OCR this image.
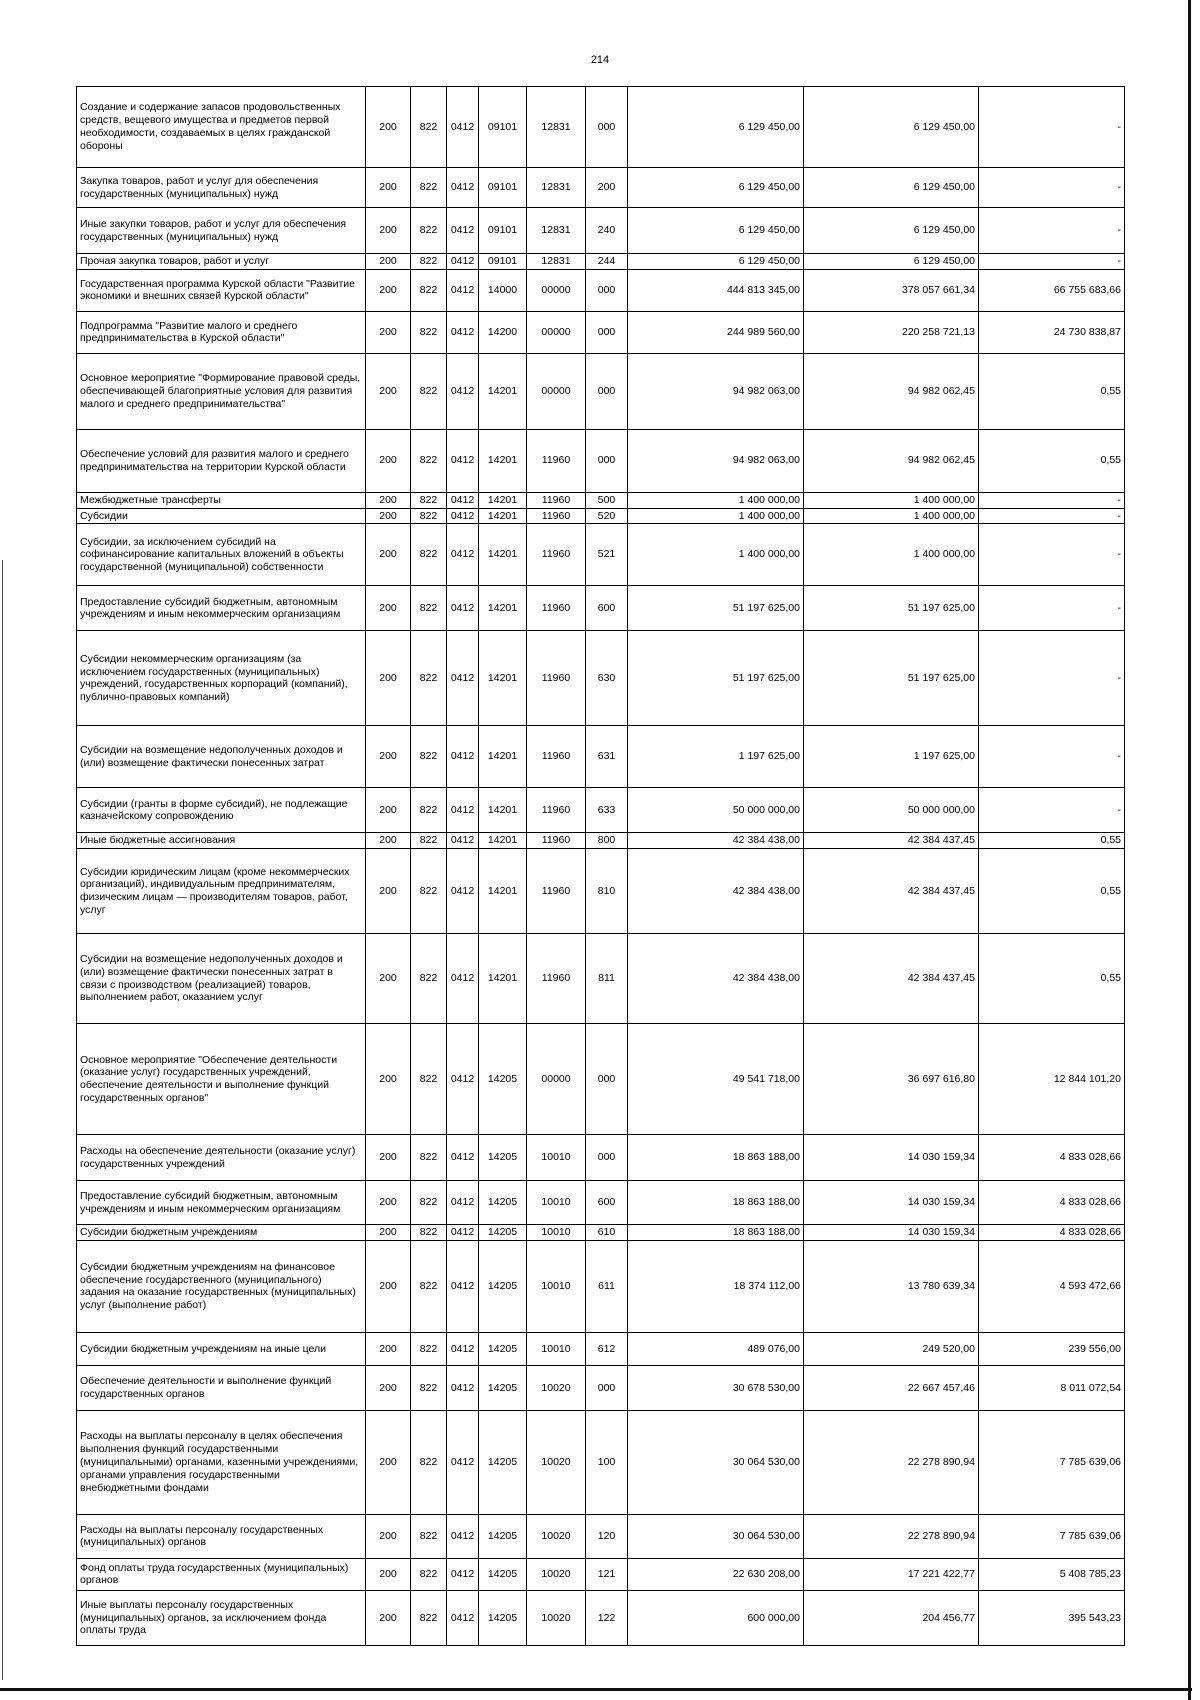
214
Создание и содержание запасов продовольственных средств, вещевого имущества и предметов первой необходимости, создаваемых в целях гражданской обороны	200	822	0412	09101	12831	000	6 129 450,00	6 129 450,00	-
Закупка товаров, работ и услуг для обеспечения государственных (муниципальных) нужд	200	822	0412	09101	12831	200	6 129 450,00	6 129 450,00	-
Иные закупки товаров, работ и услуг для обеспечения государственных (муниципальных) нужд	200	822	0412	09101	12831	240	6 129 450,00	6 129 450,00	-
Прочая закупка товаров, работ и услуг	200	822	0412	09101	12831	244	6 129 450,00	6 129 450,00	-
Государственная программа Курской области "Развитие экономики и внешних связей Курской области"	200	822	0412	14000	00000	000	444 813 345,00	378 057 661,34	66 755 683,66
Подпрограмма "Развитие малого и среднего предпринимательства в Курской области"	200	822	0412	14200	00000	000	244 989 560,00	220 258 721,13	24 730 838,87
Основное мероприятие "Формирование правовой среды, обеспечивающей благоприятные условия для развития малого и среднего предпринимательства"	200	822	0412	14201	00000	000	94 982 063,00	94 982 062,45	0,55
Обеспечение условий для развития малого и среднего предпринимательства на территории Курской области	200	822	0412	14201	11960	000	94 982 063,00	94 982 062,45	0,55
Межбюджетные трансферты	200	822	0412	14201	11960	500	1 400 000,00	1 400 000,00	-
Субсидии	200	822	0412	14201	11960	520	1 400 000,00	1 400 000,00	-
Субсидии, за исключением субсидий на софинансирование капитальных вложений в объекты государственной (муниципальной) собственности	200	822	0412	14201	11960	521	1 400 000,00	1 400 000,00	-
Предоставление субсидий бюджетным, автономным учреждениям и иным некоммерческим организациям	200	822	0412	14201	11960	600	51 197 625,00	51 197 625,00	-
Субсидии некоммерческим организациям (за исключением государственных (муниципальных) учреждений, государственных корпораций (компаний), публично-правовых компаний)	200	822	0412	14201	11960	630	51 197 625,00	51 197 625,00	-
Субсидии на возмещение недополученных доходов и (или) возмещение фактически понесенных затрат	200	822	0412	14201	11960	631	1 197 625,00	1 197 625,00	-
Субсидии (гранты в форме субсидий), не подлежащие казначейскому сопровождению	200	822	0412	14201	11960	633	50 000 000,00	50 000 000,00	-
Иные бюджетные ассигнования	200	822	0412	14201	11960	800	42 384 438,00	42 384 437,45	0,55
Субсидии юридическим лицам (кроме некоммерческих организаций), индивидуальным предпринимателям, физическим лицам — производителям товаров, работ, услуг	200	822	0412	14201	11960	810	42 384 438,00	42 384 437,45	0,55
Субсидии на возмещение недополученных доходов и (или) возмещение фактически понесенных затрат в связи с производством (реализацией) товаров, выполнением работ, оказанием услуг	200	822	0412	14201	11960	811	42 384 438,00	42 384 437,45	0,55
Основное мероприятие "Обеспечение деятельности (оказание услуг) государственных учреждений, обеспечение деятельности и выполнение функций государственных органов"	200	822	0412	14205	00000	000	49 541 718,00	36 697 616,80	12 844 101,20
Расходы на обеспечение деятельности (оказание услуг) государственных учреждений	200	822	0412	14205	10010	000	18 863 188,00	14 030 159,34	4 833 028,66
Предоставление субсидий бюджетным, автономным учреждениям и иным некоммерческим организациям	200	822	0412	14205	10010	600	18 863 188,00	14 030 159,34	4 833 028,66
Субсидии бюджетным учреждениям	200	822	0412	14205	10010	610	18 863 188,00	14 030 159,34	4 833 028,66
Субсидии бюджетным учреждениям на финансовое обеспечение государственного (муниципального) задания на оказание государственных (муниципальных) услуг (выполнение работ)	200	822	0412	14205	10010	611	18 374 112,00	13 780 639,34	4 593 472,66
Субсидии бюджетным учреждениям на иные цели	200	822	0412	14205	10010	612	489 076,00	249 520,00	239 556,00
Обеспечение деятельности и выполнение функций государственных органов	200	822	0412	14205	10020	000	30 678 530,00	22 667 457,46	8 011 072,54
Расходы на выплаты персоналу в целях обеспечения выполнения функций государственными (муниципальными) органами, казенными учреждениями, органами управления государственными внебюджетными фондами	200	822	0412	14205	10020	100	30 064 530,00	22 278 890,94	7 785 639,06
Расходы на выплаты персоналу государственных (муниципальных) органов	200	822	0412	14205	10020	120	30 064 530,00	22 278 890,94	7 785 639,06
Фонд оплаты труда государственных (муниципальных) органов	200	822	0412	14205	10020	121	22 630 208,00	17 221 422,77	5 408 785,23
Иные выплаты персоналу государственных (муниципальных) органов, за исключением фонда оплаты труда	200	822	0412	14205	10020	122	600 000,00	204 456,77	395 543,23
